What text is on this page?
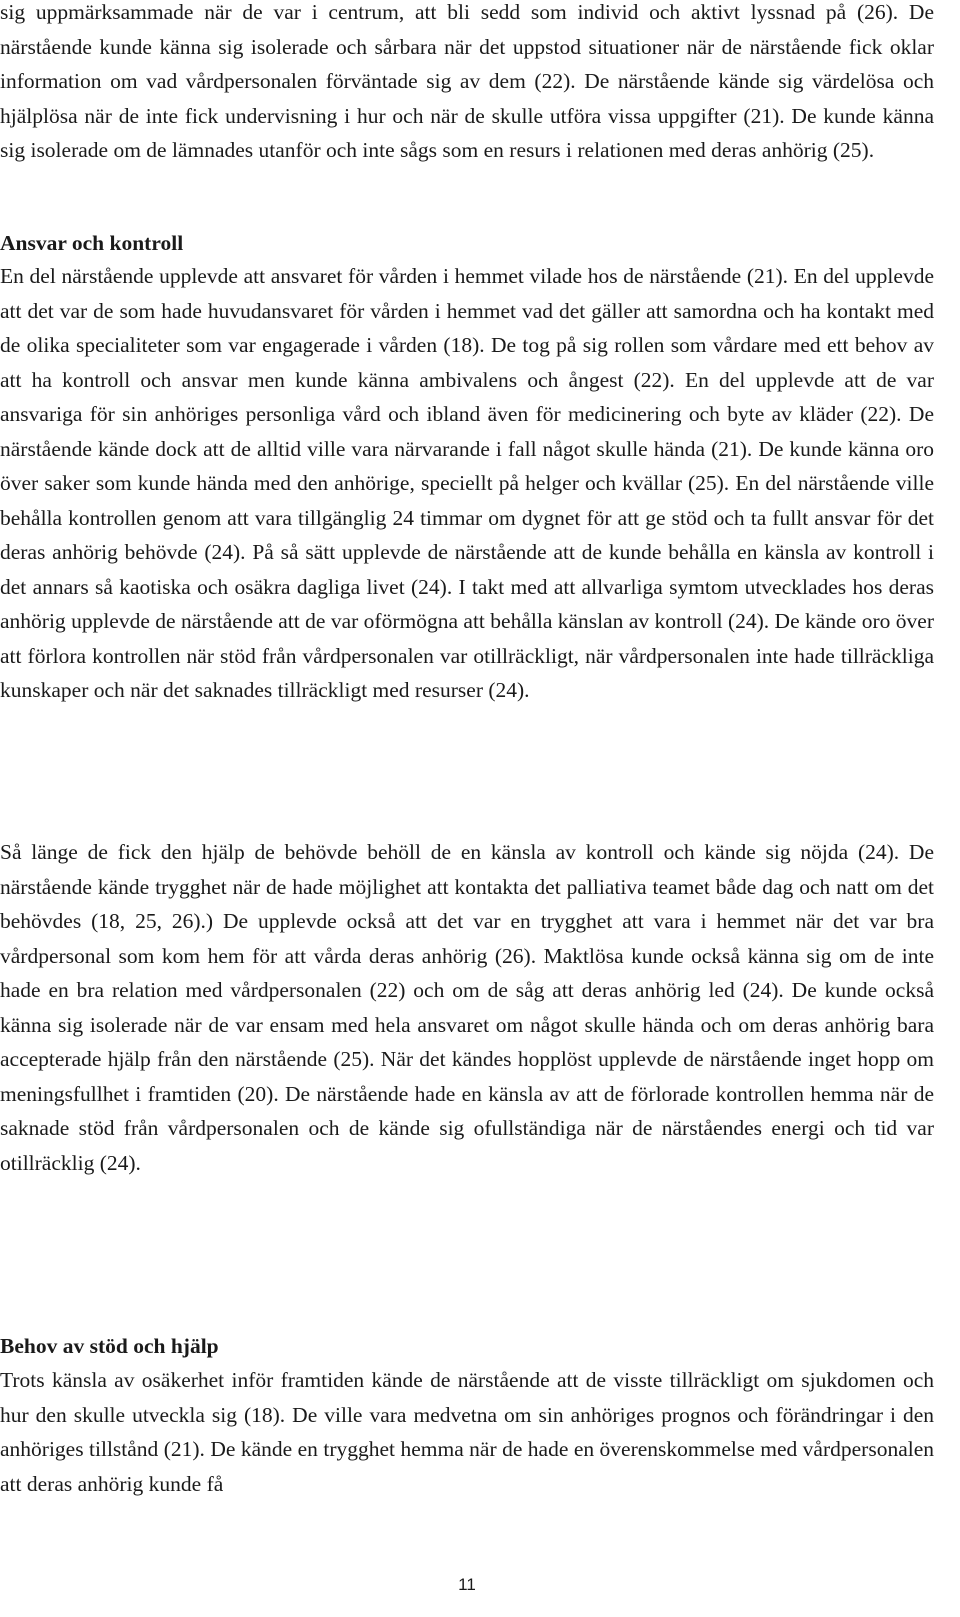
sig uppmärksammade när de var i centrum, att bli sedd som individ och aktivt lyssnad på (26). De närstående kunde känna sig isolerade och sårbara när det uppstod situationer när de närstående fick oklar information om vad vårdpersonalen förväntade sig av dem (22). De närstående kände sig värdelösa och hjälplösa när de inte fick undervisning i hur och när de skulle utföra vissa uppgifter (21). De kunde känna sig isolerade om de lämnades utanför och inte sågs som en resurs i relationen med deras anhörig (25).

Ansvar och kontroll

En del närstående upplevde att ansvaret för vården i hemmet vilade hos de närstående (21). En del upplevde att det var de som hade huvudansvaret för vården i hemmet vad det gäller att samordna och ha kontakt med de olika specialiteter som var engagerade i vården (18). De tog på sig rollen som vårdare med ett behov av att ha kontroll och ansvar men kunde känna ambivalens och ångest (22). En del upplevde att de var ansvariga för sin anhöriges personliga vård och ibland även för medicinering och byte av kläder (22). De närstående kände dock att de alltid ville vara närvarande i fall något skulle hända (21). De kunde känna oro över saker som kunde hända med den anhörige, speciellt på helger och kvällar (25). En del närstående ville behålla kontrollen genom att vara tillgänglig 24 timmar om dygnet för att ge stöd och ta fullt ansvar för det deras anhörig behövde (24). På så sätt upplevde de närstående att de kunde behålla en känsla av kontroll i det annars så kaotiska och osäkra dagliga livet (24). I takt med att allvarliga symtom utvecklades hos deras anhörig upplevde de närstående att de var oförmögna att behålla känslan av kontroll (24). De kände oro över att förlora kontrollen när stöd från vårdpersonalen var otillräckligt, när vårdpersonalen inte hade tillräckliga kunskaper och när det saknades tillräckligt med resurser (24).

Så länge de fick den hjälp de behövde behöll de en känsla av kontroll och kände sig nöjda (24). De närstående kände trygghet när de hade möjlighet att kontakta det palliativa teamet både dag och natt om det behövdes (18, 25, 26).) De upplevde också att det var en trygghet att vara i hemmet när det var bra vårdpersonal som kom hem för att vårda deras anhörig (26). Maktlösa kunde också känna sig om de inte hade en bra relation med vårdpersonalen (22) och om de såg att deras anhörig led (24). De kunde också känna sig isolerade när de var ensam med hela ansvaret om något skulle hända och om deras anhörig bara accepterade hjälp från den närstående (25). När det kändes hopplöst upplevde de närstående inget hopp om meningsfullhet i framtiden (20). De närstående hade en känsla av att de förlorade kontrollen hemma när de saknade stöd från vårdpersonalen och de kände sig ofullständiga när de närståendes energi och tid var otillräcklig (24).

Behov av stöd och hjälp

Trots känsla av osäkerhet inför framtiden kände de närstående att de visste tillräckligt om sjukdomen och hur den skulle utveckla sig (18). De ville vara medvetna om sin anhöriges prognos och förändringar i den anhöriges tillstånd (21). De kände en trygghet hemma när de hade en överenskommelse med vårdpersonalen att deras anhörig kunde få

11
